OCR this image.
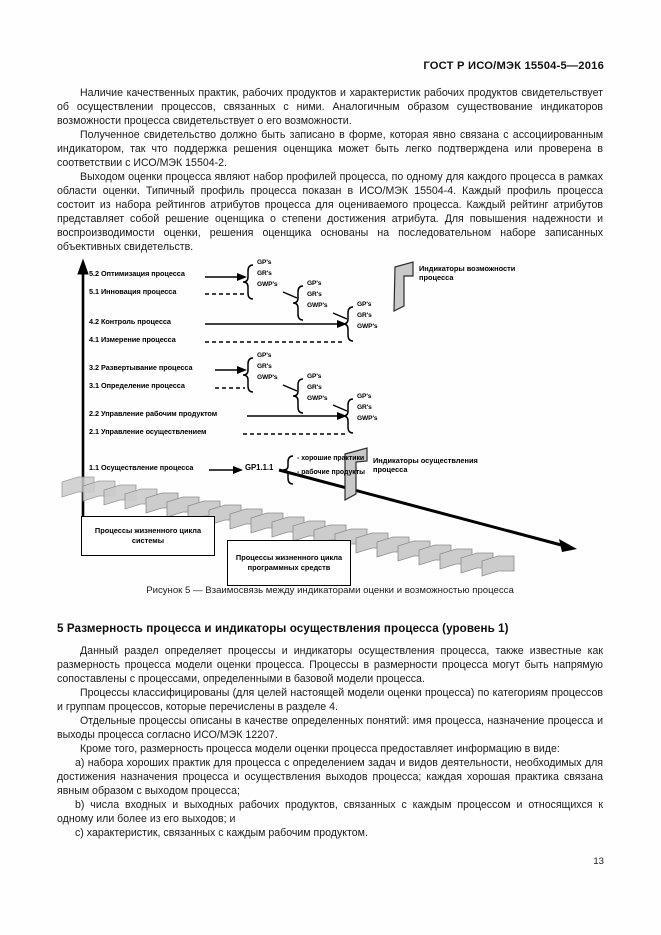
ГОСТ Р ИСО/МЭК 15504-5—2016

Наличие качественных практик, рабочих продуктов и характеристик рабочих продуктов свидетельствует об осуществлении процессов, связанных с ними. Аналогичным образом существование индикаторов возможности процесса свидетельствует о его возможности.

Полученное свидетельство должно быть записано в форме, которая явно связана с ассоциированным индикатором, так что поддержка решения оценщика может быть легко подтверждена или проверена в соответствии с ИСО/МЭК 15504-2.

Выходом оценки процесса являют набор профилей процесса, по одному для каждого процесса в рамках области оценки. Типичный профиль процесса показан в ИСО/МЭК 15504-4. Каждый профиль процесса состоит из набора рейтингов атрибутов процесса для оцениваемого процесса. Каждый рейтинг атрибутов представляет собой решение оценщика о степени достижения атрибута. Для повышения надежности и воспроизводимости оценки, решения оценщика основаны на последовательном наборе записанных объективных свидетельств.

5.2 Оптимизация процесса
5.1 Инновация процесса
4.2 Контроль процесса
4.1 Измерение процесса
3.2 Развертывание процесса
3.1 Определение процесса
2.2 Управление рабочим продуктом
2.1 Управление осуществлением
1.1 Осуществление процесса
GP's
GR's
GWP's	GP's
GR's
GWP's	GP's
GR's
GWP's
GP's
GR's
GWP's	GP's
GR's
GWP's	GP's
GR's
GWP's
GP1.1.1
- хорошие практики
- рабочие продукты
Индикаторы возможности процесса
Индикаторы осуществления процесса
Процессы жизненного цикла системы
Процессы жизненного цикла программных средств
Рисунок 5 — Взаимосвязь между индикаторами оценки и возможностью процесса

5 Размерность процесса и индикаторы осуществления процесса (уровень 1)

Данный раздел определяет процессы и индикаторы осуществления процесса, также известные как размерность процесса модели оценки процесса. Процессы в размерности процесса могут быть напрямую сопоставлены с процессами, определенными в базовой модели процесса.

Процессы классифицированы (для целей настоящей модели оценки процесса) по категориям процессов и группам процессов, которые перечислены в разделе 4.

Отдельные процессы описаны в качестве определенных понятий: имя процесса, назначение процесса и выходы процесса согласно ИСО/МЭК 12207.

Кроме того, размерность процесса модели оценки процесса предоставляет информацию в виде:

a) набора хороших практик для процесса с определением задач и видов деятельности, необходимых для достижения назначения процесса и осуществления выходов процесса; каждая хорошая практика связана явным образом с выходом процесса;

b) числа входных и выходных рабочих продуктов, связанных с каждым процессом и относящихся к одному или более из его выходов; и

c) характеристик, связанных с каждым рабочим продуктом.

13
